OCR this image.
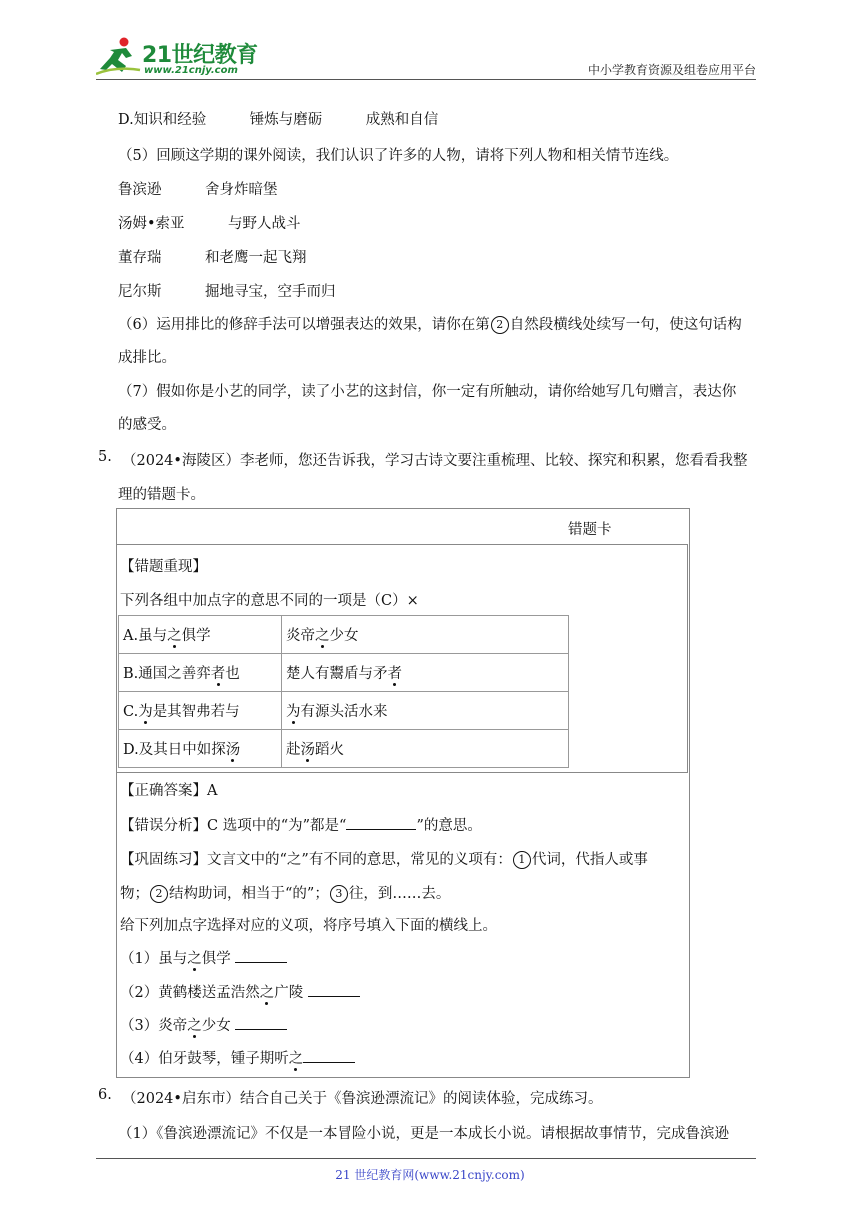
21世纪教育
www.21cnjy.com	中小学教育资源及组卷应用平台
D.知识和经验　　　锤炼与磨砺　　　成熟和自信
（5）回顾这学期的课外阅读，我们认识了许多的人物，请将下列人物和相关情节连线。
鲁滨逊　　　舍身炸暗堡
汤姆•索亚　　　与野人战斗
董存瑞　　　和老鹰一起飞翔
尼尔斯　　　掘地寻宝，空手而归
（6）运用排比的修辞手法可以增强表达的效果，请你在第 2 自然段横线处续写一句，使这句话构
成排比。
（7）假如你是小艺的同学，读了小艺的这封信，你一定有所触动，请你给她写几句赠言，表达你
的感受。
5. （2024•海陵区）李老师，您还告诉我，学习古诗文要注重梳理、比较、探究和积累，您看看我整
理的错题卡。
错题卡
【错题重现】
下列各组中加点字的意思不同的一项是（C）×
A.虽与之俱学	炎帝之少女
B.通国之善弈者也	楚人有鬻盾与矛者
C.为是其智弗若与	为有源头活水来
D.及其日中如探汤	赴汤蹈火
【正确答案】A
【错误分析】C 选项中的“为”都是“	”的意思。
【巩固练习】文言文中的“之”有不同的意思，常见的义项有： 1 代词，代指人或事
物； 2 结构助词，相当于“的”； 3 往，到……去。
给下列加点字选择对应的义项，将序号填入下面的横线上。
（1）虽与之俱学
（2）黄鹤楼送孟浩然之广陵
（3）炎帝之少女
（4）伯牙鼓琴，锺子期听之
6. （2024•启东市）结合自己关于《鲁滨逊漂流记》的阅读体验，完成练习。
（1）《鲁滨逊漂流记》不仅是一本冒险小说，更是一本成长小说。请根据故事情节，完成鲁滨逊
21 世纪教育网(www.21cnjy.com)
